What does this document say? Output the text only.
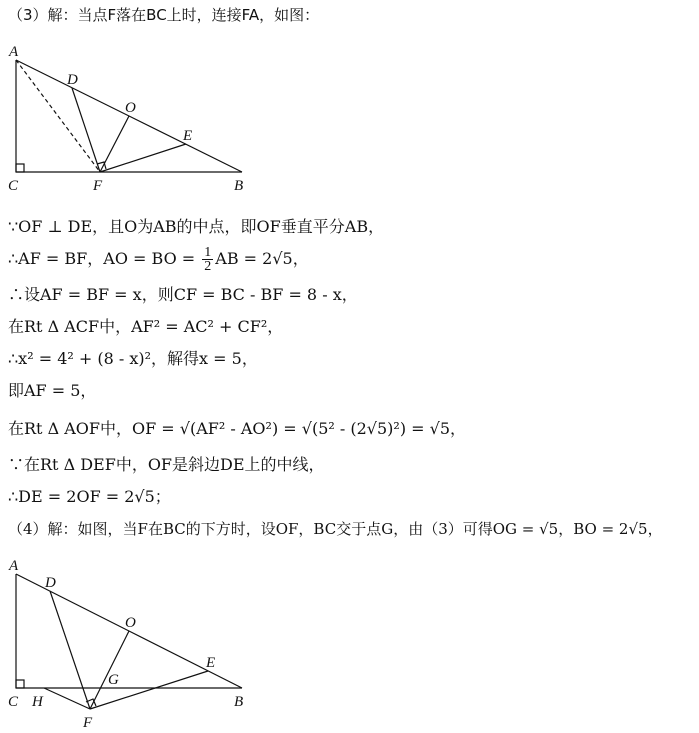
（3）解：当点F落在BC上时，连接FA，如图：
A
D
O
E
C	F	B
∵OF ⊥ DE，且O为AB的中点，即OF垂直平分AB，
∴AF = BF，AO = BO = $\frac{1}{2}$ AB = 2√5，
∴设AF = BF = x，则CF = BC - BF = 8 - x，
在Rt Δ ACF中，AF² = AC² + CF²，
∴x² = 4² + (8 - x)²，解得x = 5，
即AF = 5，
在Rt Δ AOF中，OF = √(AF² - AO²) = √(5² - (2√5)²) = √5，
∵在Rt Δ DEF中，OF是斜边DE上的中线，
∴DE = 2OF = 2√5；
（4）解：如图，当F在BC的下方时，设OF，BC交于点G，由（3）可得OG = √5，BO = 2√5，
A
D
O
E
C H
G
F
B
